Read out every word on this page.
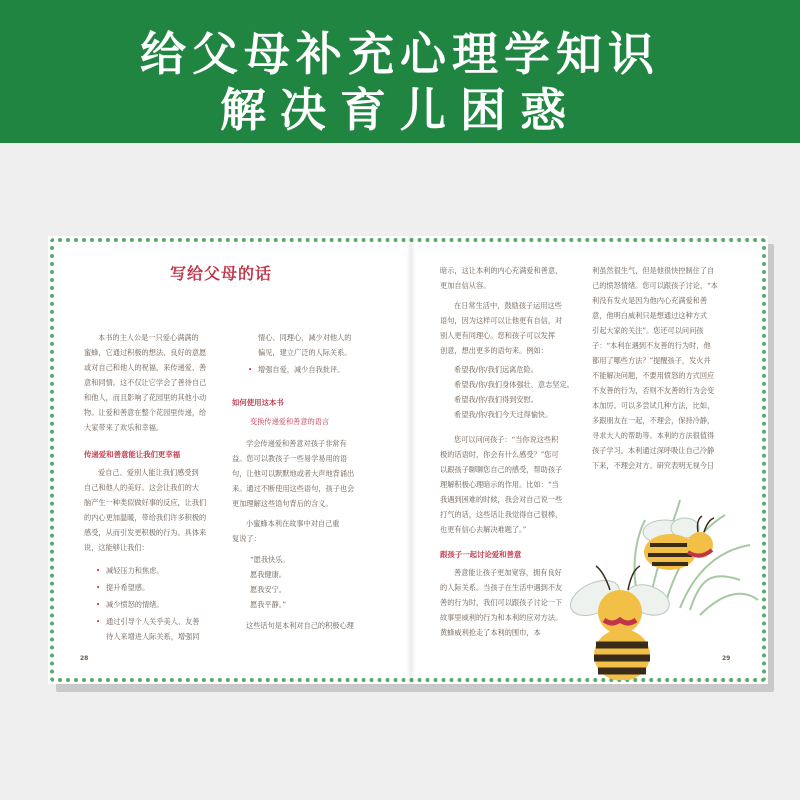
给父母补充心理学知识
解决育儿困惑
写给父母的话
本书的主人公是一只爱心满满的
蜜蜂，它通过积极的想法、良好的意愿
或对自己和他人的祝福，来传递爱、善
意和同情。这不仅让它学会了善待自己
和他人，而且影响了花园里的其他小动
物。让爱和善意在整个花园里传递，给
大家带来了欢乐和幸福。
传递爱和善意能让我们更幸福
爱自己、爱别人能让我们感受到
自己和他人的美好。这会让我们的大
脑产生一种类似做好事的反应，让我们
的内心更加温暖，带给我们许多积极的
感受，从而引发更积极的行为。具体来
说，这能够让我们：
• 减轻压力和焦虑。
• 提升希望感。
• 减少愤怒的情绪。
• 通过引导个人关乎美人、友善
待人来增进人际关系，增强同
情心、同理心，减少对他人的
偏见，建立广泛的人际关系。
• 增强自爱，减少自我批评。
如何使用这本书
变换传递爱和善意的语言
学会传递爱和善意对孩子非常有
益。您可以教孩子一些易学易用的语
句，让他可以默默地或者大声地背诵出
来。通过不断使用这些语句，孩子也会
更加理解这些语句背后的含义。
小蜜蜂本利在故事中对自己重
复说了：
“愿我快乐。
愿我健康。
愿我安宁。
愿我平静。”
这些话句是本利对自己的积极心理
28
暗示，这让本利的内心充满爱和善意，
更加自信从容。
在日常生活中，鼓励孩子运用这些
语句，因为这样可以让他更有自信，对
别人更有同理心。您和孩子可以发挥
创意，想出更多的语句来。例如：
希望我/你/我们远离危险。
希望我/你/我们身体强壮、意志坚定。
希望我/你/我们得到安慰。
希望我/你/我们今天过得愉快。
您可以问问孩子：“当你说这些积
极的话语时，你会有什么感受？”您可
以跟孩子聊聊您自己的感受，帮助孩子
理解积极心理暗示的作用。比如：“当
我遇到困难的时候，我会对自己说一些
打气的话，这些话让我觉得自己很棒，
也更有信心去解决难题了。”
跟孩子一起讨论爱和善意
善意能让孩子更加宽容，拥有良好
的人际关系。当孩子在生活中遇到不友
善的行为时，我们可以跟孩子讨论一下
故事里威利的行为和本利的应对方法。
黄蜂威利抢走了本利的围巾，本
利虽然很生气，但是他很快控制住了自
己的愤怒情绪。您可以跟孩子讨论，“本
利没有发火是因为他内心充满爱和善
意，他明白威利只是想通过这种方式
引起大家的关注”。您还可以问问孩
子：“本利在遇到不友善的行为时，他
都用了哪些方法？”提醒孩子，发火并
不能解决问题，不要用愤怒的方式回应
不友善的行为，否则不友善的行为会变
本加厉。可以多尝试几种方法，比如，
多跟朋友在一起，不理会，保持冷静，
寻求大人的帮助等。本利的方法很值得
孩子学习。本利通过深呼吸让自己冷静
下来，不理会对方。研究表明无视今日
29
